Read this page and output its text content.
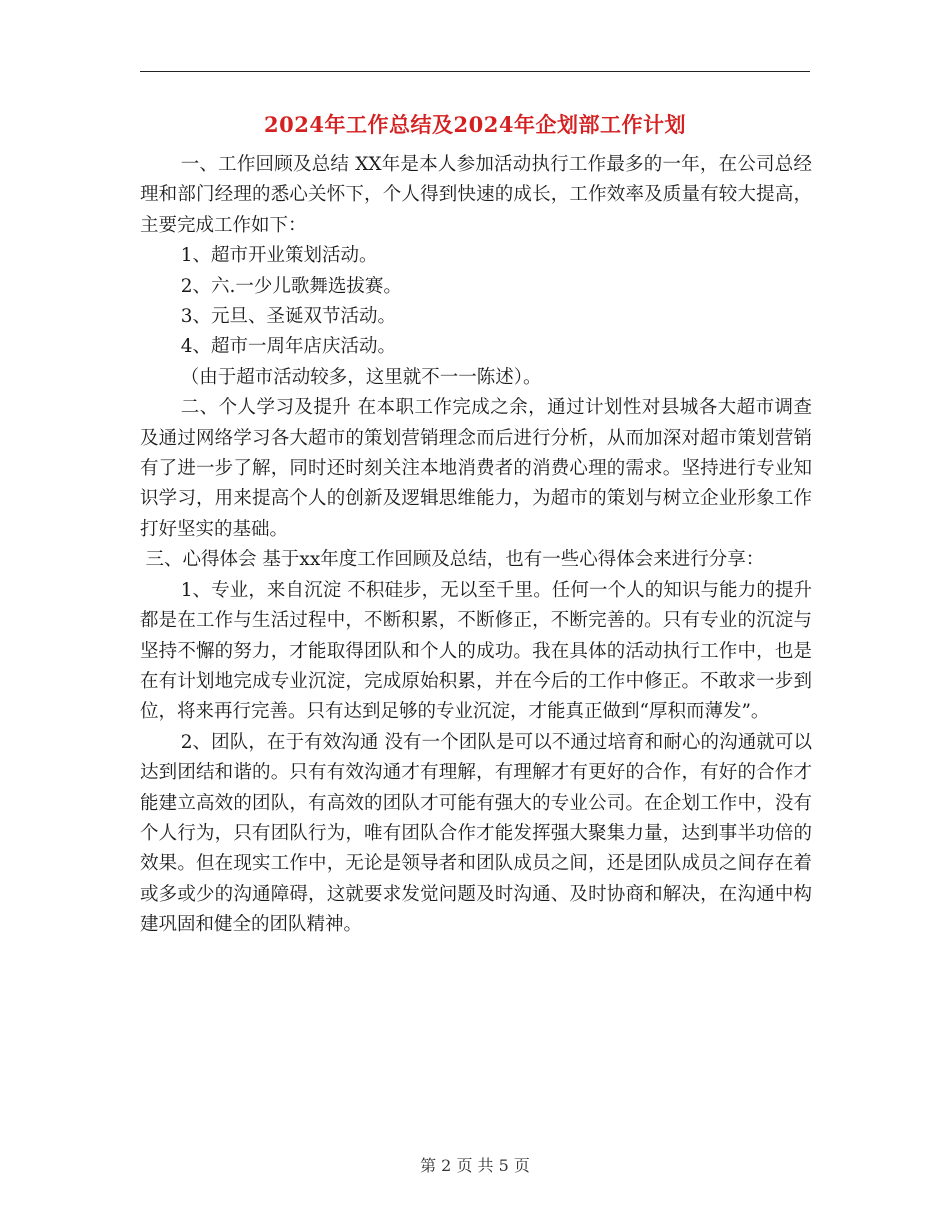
2024年工作总结及2024年企划部工作计划

一、工作回顾及总结 XX年是本人参加活动执行工作最多的一年，在公司总经理和部门经理的悉心关怀下，个人得到快速的成长，工作效率及质量有较大提高，主要完成工作如下：

1、超市开业策划活动。

2、六.一少儿歌舞选拔赛。

3、元旦、圣诞双节活动。

4、超市一周年店庆活动。

（由于超市活动较多，这里就不一一陈述）。

二、个人学习及提升 在本职工作完成之余，通过计划性对县城各大超市调查及通过网络学习各大超市的策划营销理念而后进行分析，从而加深对超市策划营销有了进一步了解，同时还时刻关注本地消费者的消费心理的需求。坚持进行专业知识学习，用来提高个人的创新及逻辑思维能力，为超市的策划与树立企业形象工作打好坚实的基础。

三、心得体会 基于xx年度工作回顾及总结，也有一些心得体会来进行分享：

1、专业，来自沉淀 不积硅步，无以至千里。任何一个人的知识与能力的提升都是在工作与生活过程中，不断积累，不断修正，不断完善的。只有专业的沉淀与坚持不懈的努力，才能取得团队和个人的成功。我在具体的活动执行工作中，也是在有计划地完成专业沉淀，完成原始积累，并在今后的工作中修正。不敢求一步到位，将来再行完善。只有达到足够的专业沉淀，才能真正做到“厚积而薄发”。

2、团队，在于有效沟通 没有一个团队是可以不通过培育和耐心的沟通就可以达到团结和谐的。只有有效沟通才有理解，有理解才有更好的合作，有好的合作才能建立高效的团队，有高效的团队才可能有强大的专业公司。在企划工作中，没有个人行为，只有团队行为，唯有团队合作才能发挥强大聚集力量，达到事半功倍的效果。但在现实工作中，无论是领导者和团队成员之间，还是团队成员之间存在着或多或少的沟通障碍，这就要求发觉问题及时沟通、及时协商和解决，在沟通中构建巩固和健全的团队精神。

第 2 页 共 5 页
